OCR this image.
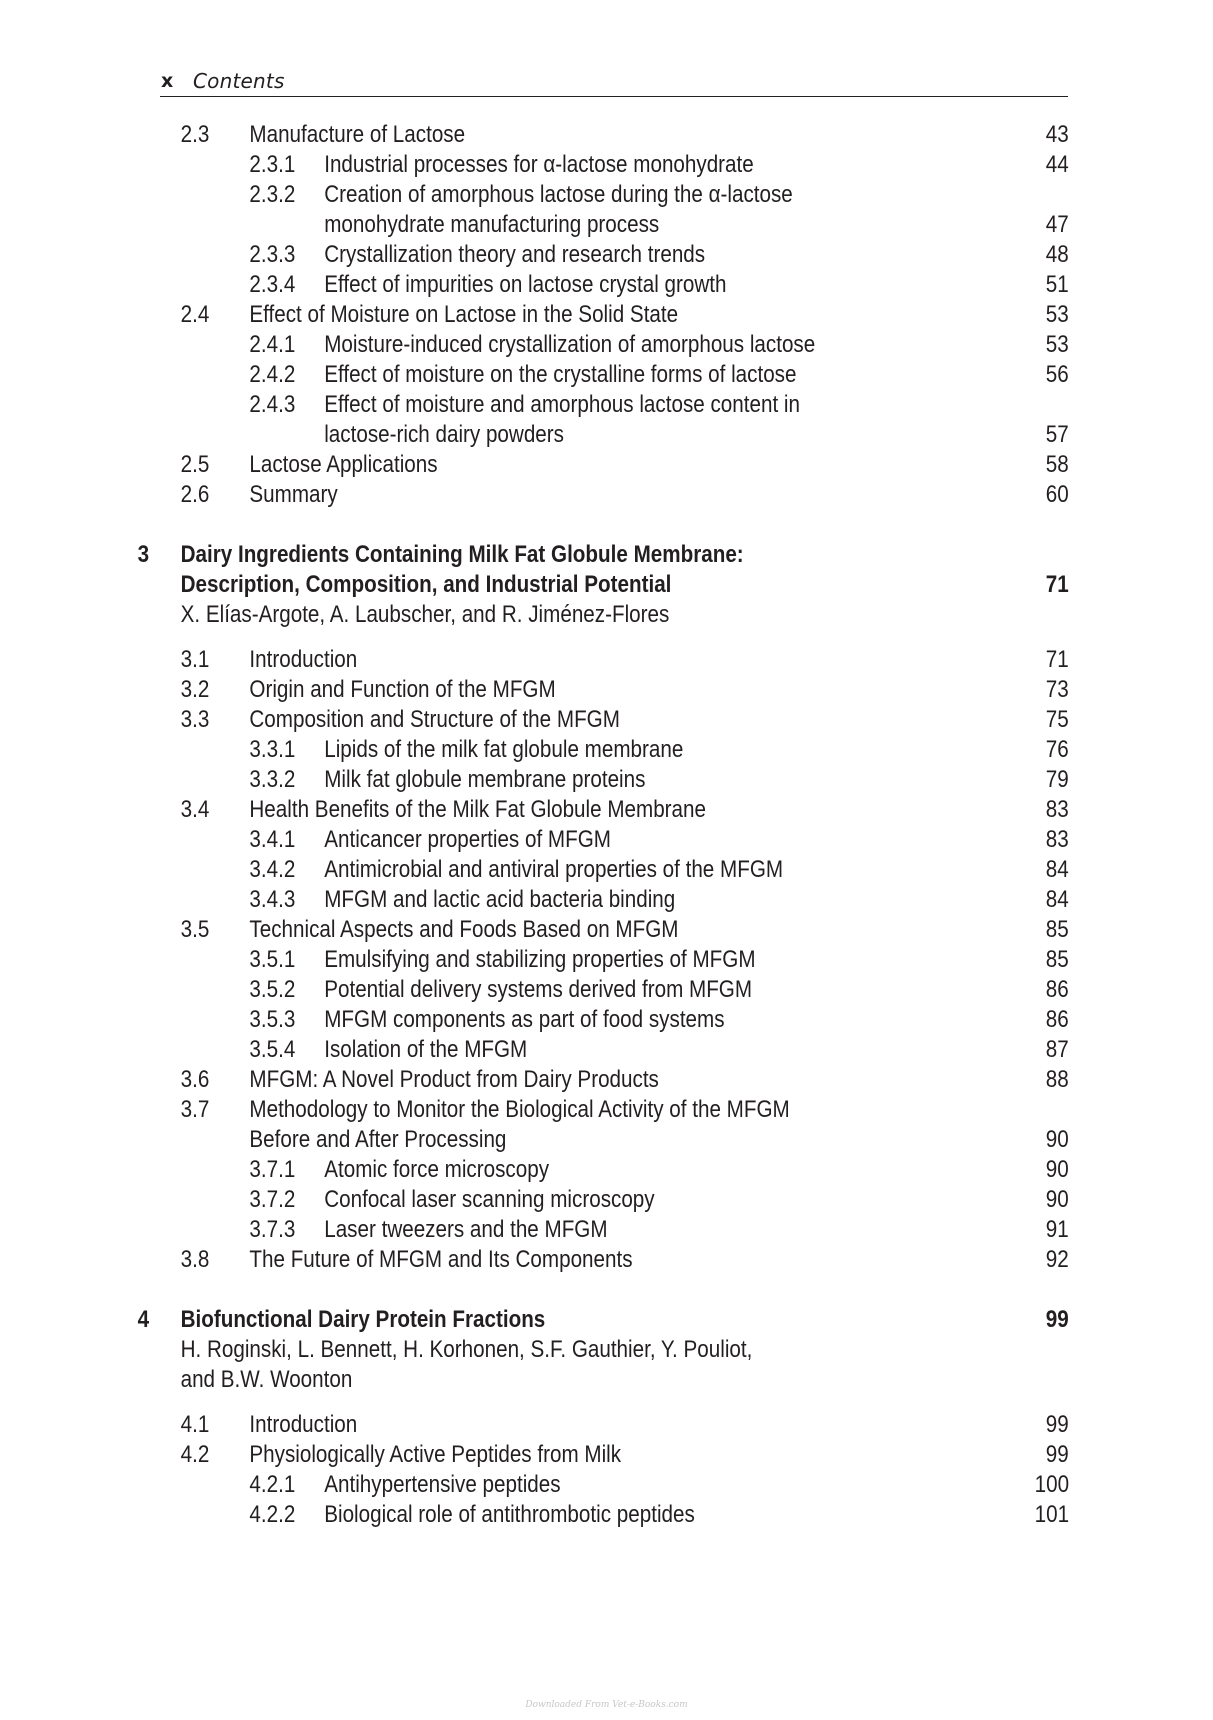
x Contents
2.3 Manufacture of Lactose	43
2.3.1 Industrial processes for α-lactose monohydrate	44
2.3.2 Creation of amorphous lactose during the α-lactose
monohydrate manufacturing process	47
2.3.3 Crystallization theory and research trends	48
2.3.4 Effect of impurities on lactose crystal growth	51
2.4 Effect of Moisture on Lactose in the Solid State	53
2.4.1 Moisture-induced crystallization of amorphous lactose	53
2.4.2 Effect of moisture on the crystalline forms of lactose	56
2.4.3 Effect of moisture and amorphous lactose content in
lactose-rich dairy powders	57
2.5 Lactose Applications	58
2.6 Summary	60
3 Dairy Ingredients Containing Milk Fat Globule Membrane:
Description, Composition, and Industrial Potential	71
X. Elías-Argote, A. Laubscher, and R. Jiménez-Flores
3.1 Introduction	71
3.2 Origin and Function of the MFGM	73
3.3 Composition and Structure of the MFGM	75
3.3.1 Lipids of the milk fat globule membrane	76
3.3.2 Milk fat globule membrane proteins	79
3.4 Health Benefits of the Milk Fat Globule Membrane	83
3.4.1 Anticancer properties of MFGM	83
3.4.2 Antimicrobial and antiviral properties of the MFGM	84
3.4.3 MFGM and lactic acid bacteria binding	84
3.5 Technical Aspects and Foods Based on MFGM	85
3.5.1 Emulsifying and stabilizing properties of MFGM	85
3.5.2 Potential delivery systems derived from MFGM	86
3.5.3 MFGM components as part of food systems	86
3.5.4 Isolation of the MFGM	87
3.6 MFGM: A Novel Product from Dairy Products	88
3.7 Methodology to Monitor the Biological Activity of the MFGM
Before and After Processing	90
3.7.1 Atomic force microscopy	90
3.7.2 Confocal laser scanning microscopy	90
3.7.3 Laser tweezers and the MFGM	91
3.8 The Future of MFGM and Its Components	92
4 Biofunctional Dairy Protein Fractions	99
H. Roginski, L. Bennett, H. Korhonen, S.F. Gauthier, Y. Pouliot,
and B.W. Woonton
4.1 Introduction	99
4.2 Physiologically Active Peptides from Milk	99
4.2.1 Antihypertensive peptides	100
4.2.2 Biological role of antithrombotic peptides	101
Downloaded From Vet-e-Books.com
